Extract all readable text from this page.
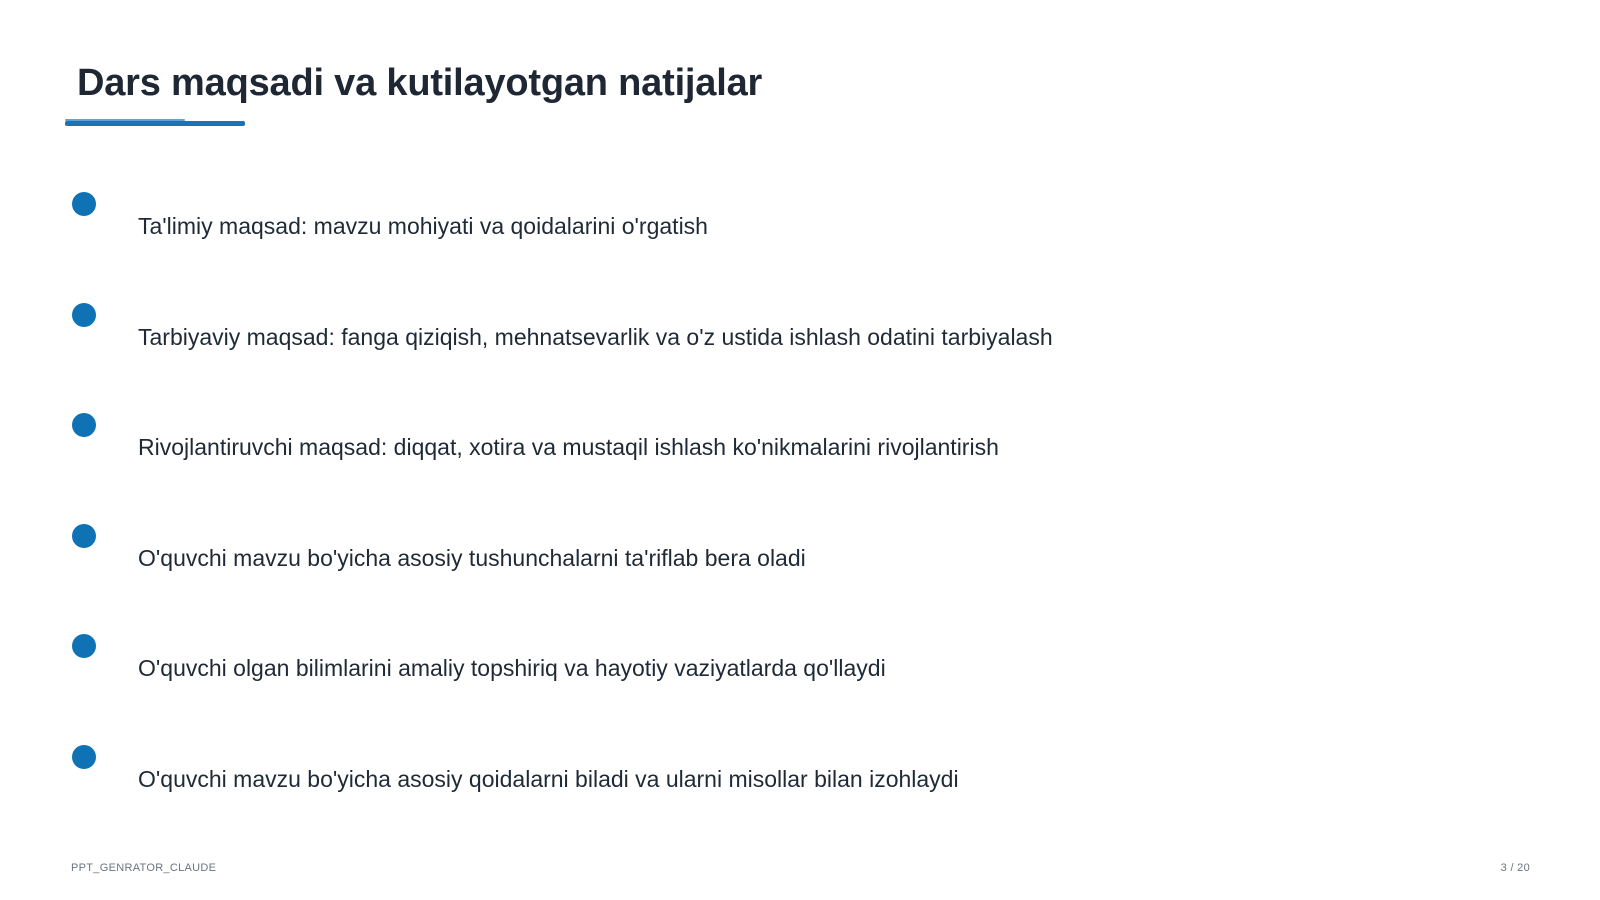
Dars maqsadi va kutilayotgan natijalar
Ta'limiy maqsad: mavzu mohiyati va qoidalarini o'rgatish
Tarbiyaviy maqsad: fanga qiziqish, mehnatsevarlik va o'z ustida ishlash odatini tarbiyalash
Rivojlantiruvchi maqsad: diqqat, xotira va mustaqil ishlash ko'nikmalarini rivojlantirish
O'quvchi mavzu bo'yicha asosiy tushunchalarni ta'riflab bera oladi
O'quvchi olgan bilimlarini amaliy topshiriq va hayotiy vaziyatlarda qo'llaydi
O'quvchi mavzu bo'yicha asosiy qoidalarni biladi va ularni misollar bilan izohlaydi
PPT_GENRATOR_CLAUDE	3 / 20
